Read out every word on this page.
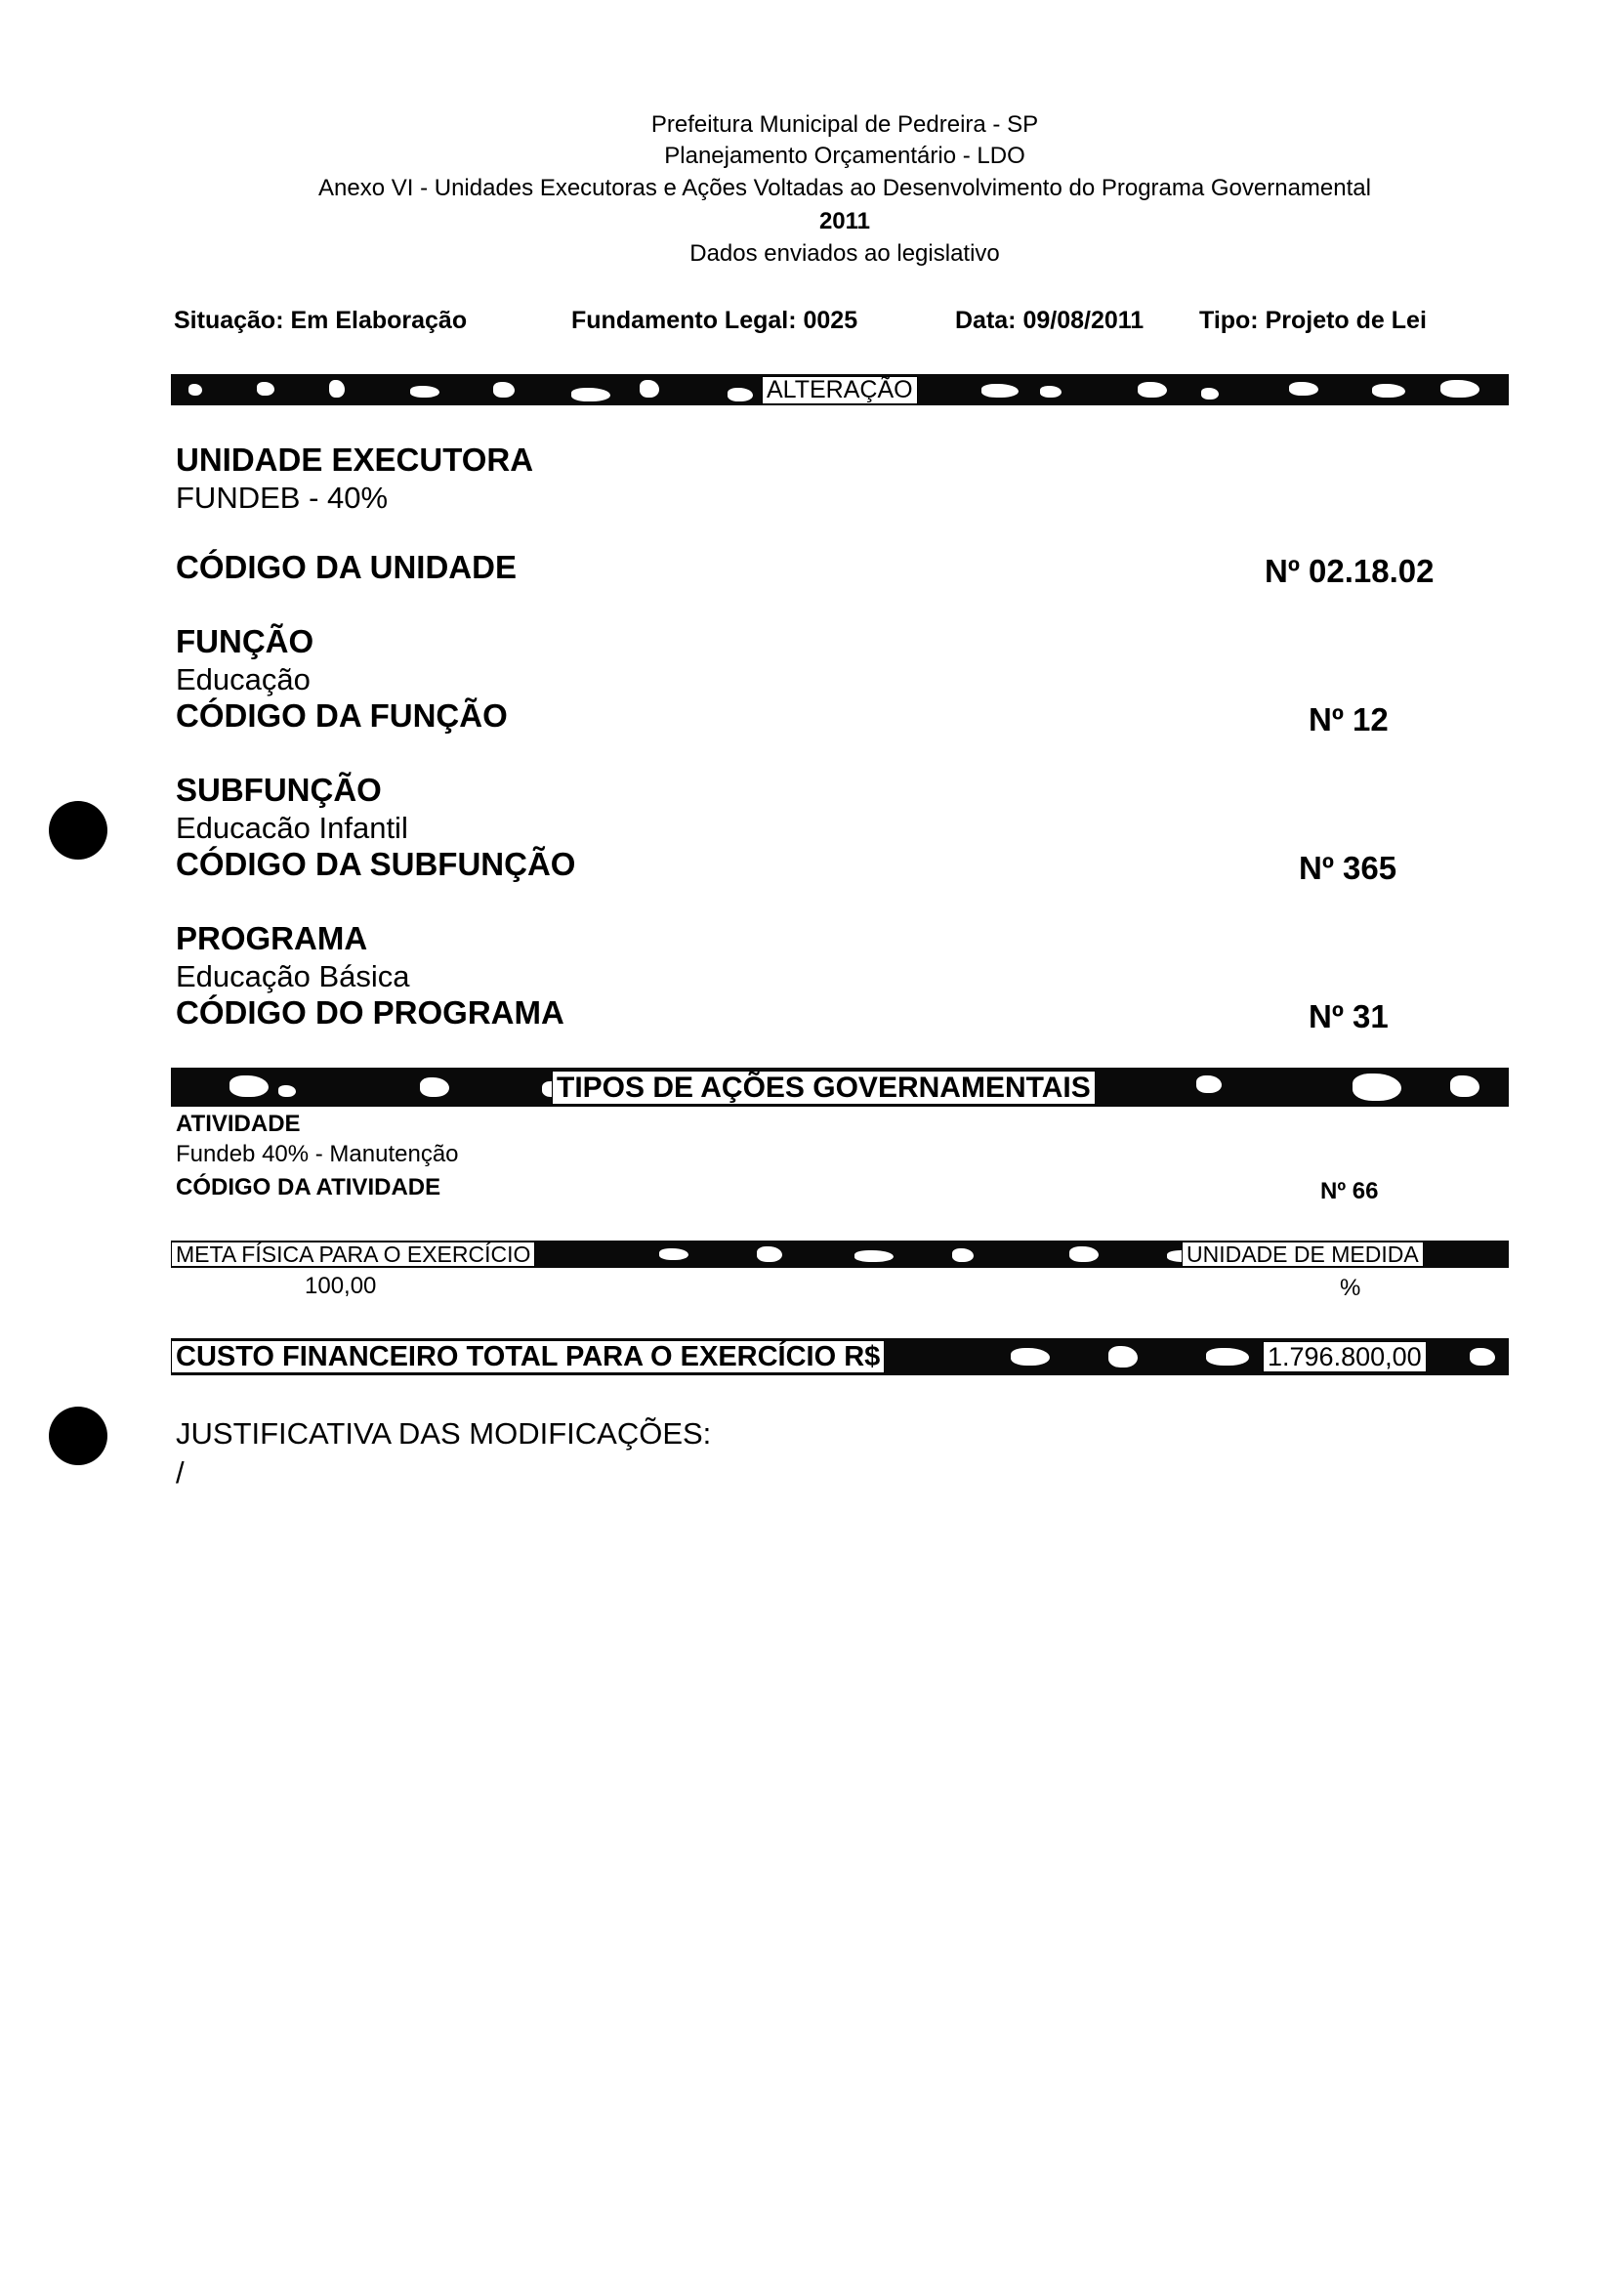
Prefeitura Municipal de Pedreira - SP
Planejamento Orçamentário - LDO
Anexo VI - Unidades Executoras e Ações Voltadas ao Desenvolvimento do Programa Governamental
2011
Dados enviados ao legislativo
Situação: Em Elaboração	Fundamento Legal: 0025	Data: 09/08/2011 Tipo: Projeto de Lei
ALTERAÇÃO
UNIDADE EXECUTORA
FUNDEB - 40%
CÓDIGO DA UNIDADE	Nº 02.18.02
FUNÇÃO
Educação
CÓDIGO DA FUNÇÃO	Nº 12
SUBFUNÇÃO
Educacão Infantil
CÓDIGO DA SUBFUNÇÃO	Nº 365
PROGRAMA
Educação Básica
CÓDIGO DO PROGRAMA	Nº 31
TIPOS DE AÇÕES GOVERNAMENTAIS
ATIVIDADE
Fundeb 40% - Manutenção
CÓDIGO DA ATIVIDADE	Nº 66
META FÍSICA PARA O EXERCÍCIO	UNIDADE DE MEDIDA
100,00	%
CUSTO FINANCEIRO TOTAL PARA O EXERCÍCIO R$	1.796.800,00
JUSTIFICATIVA DAS MODIFICAÇÕES:
/
